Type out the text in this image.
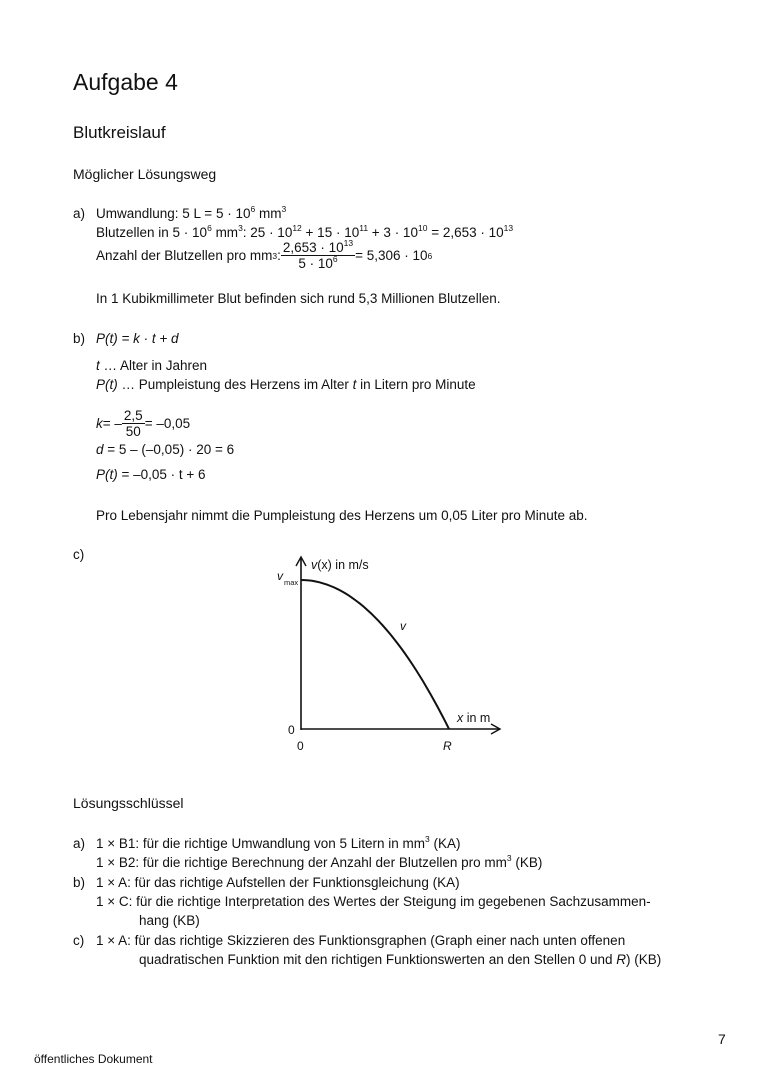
Aufgabe 4
Blutkreislauf
Möglicher Lösungsweg
a) Umwandlung: 5 $L = 5 \cdot 10^6$ $mm^3$
Blutzellen in $5 \cdot 10^6$ $mm^3$: $25 \cdot 10^{12} + 15 \cdot 10^{11} + 3 \cdot 10^{10} = 2,653 \cdot 10^{13}$
Anzahl der Blutzellen pro mm 3 : $\frac{2,653 \cdot 10^{13}}{5 \cdot 10^6} = 5,306 \cdot 10$ 6
In 1 Kubikmillimeter Blut befinden sich rund 5,3 Millionen Blutzellen.
b) P(t) = k · t + d
t … Alter in Jahren
P(t) … Pumpleistung des Herzens im Alter t in Litern pro Minute
k = – $\frac{2,5}{50} = -0,05$
d = 5 – (–0,05) · 20 = 6
P(t) = –0,05 · t + 6
Pro Lebensjahr nimmt die Pumpleistung des Herzens um 0,05 Liter pro Minute ab.
c)
v(x) in m/s
v max
v
x in m
0
0	R
Lösungsschlüssel
a) 1 × B1: für die richtige Umwandlung von 5 Litern in $mm^3$ (KA)
1 × B2: für die richtige Berechnung der Anzahl der Blutzellen pro $mm^3$ (KB)
b) 1 × A: für das richtige Aufstellen der Funktionsgleichung (KA)
1 × C: für die richtige Interpretation des Wertes der Steigung im gegebenen Sachzusammen-
hang (KB)
c) 1 × A: für das richtige Skizzieren des Funktionsgraphen (Graph einer nach unten offenen
quadratischen Funktion mit den richtigen Funktionswerten an den Stellen 0 und R) (KB)
7
öffentliches Dokument
